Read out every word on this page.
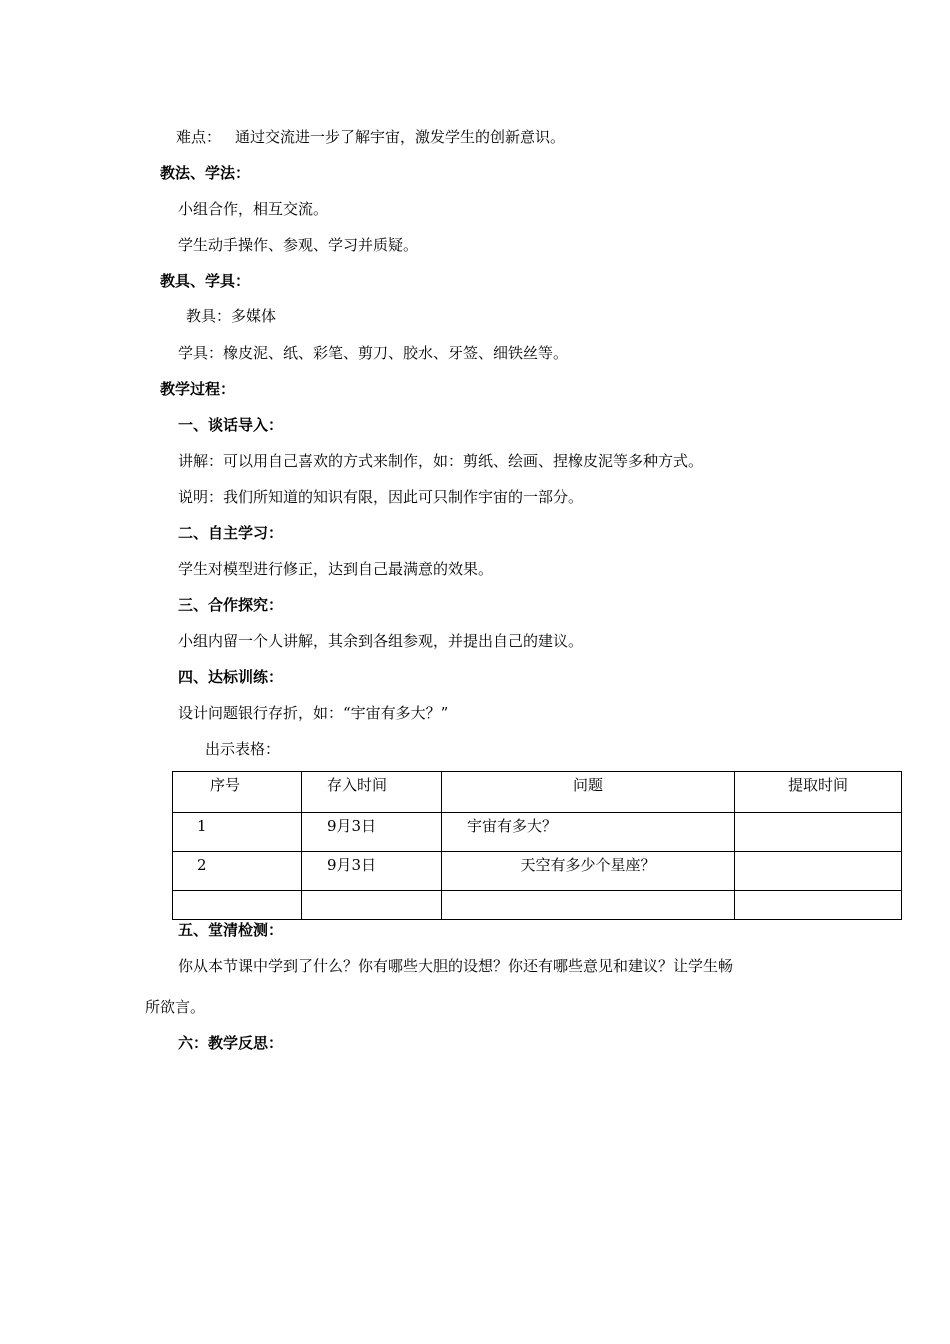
难点： 通过交流进一步了解宇宙，激发学生的创新意识。
教法、学法：
小组合作，相互交流。
学生动手操作、参观、学习并质疑。
教具、学具：
教具：多媒体
学具：橡皮泥、纸、彩笔、剪刀、胶水、牙签、细铁丝等。
教学过程：
一、谈话导入：
讲解：可以用自己喜欢的方式来制作，如：剪纸、绘画、捏橡皮泥等多种方式。
说明：我们所知道的知识有限，因此可只制作宇宙的一部分。
二、自主学习：
学生对模型进行修正，达到自己最满意的效果。
三、合作探究：
小组内留一个人讲解，其余到各组参观，并提出自己的建议。
四、达标训练：
设计问题银行存折，如：“宇宙有多大？”
出示表格：
序号	存入时间	问题	提取时间
1	9月3日	宇宙有多大？	
2	9月3日	天空有多少个星座？	

五、堂清检测：
你从本节课中学到了什么？你有哪些大胆的设想？你还有哪些意见和建议？让学生畅
所欲言。
六：教学反思：
